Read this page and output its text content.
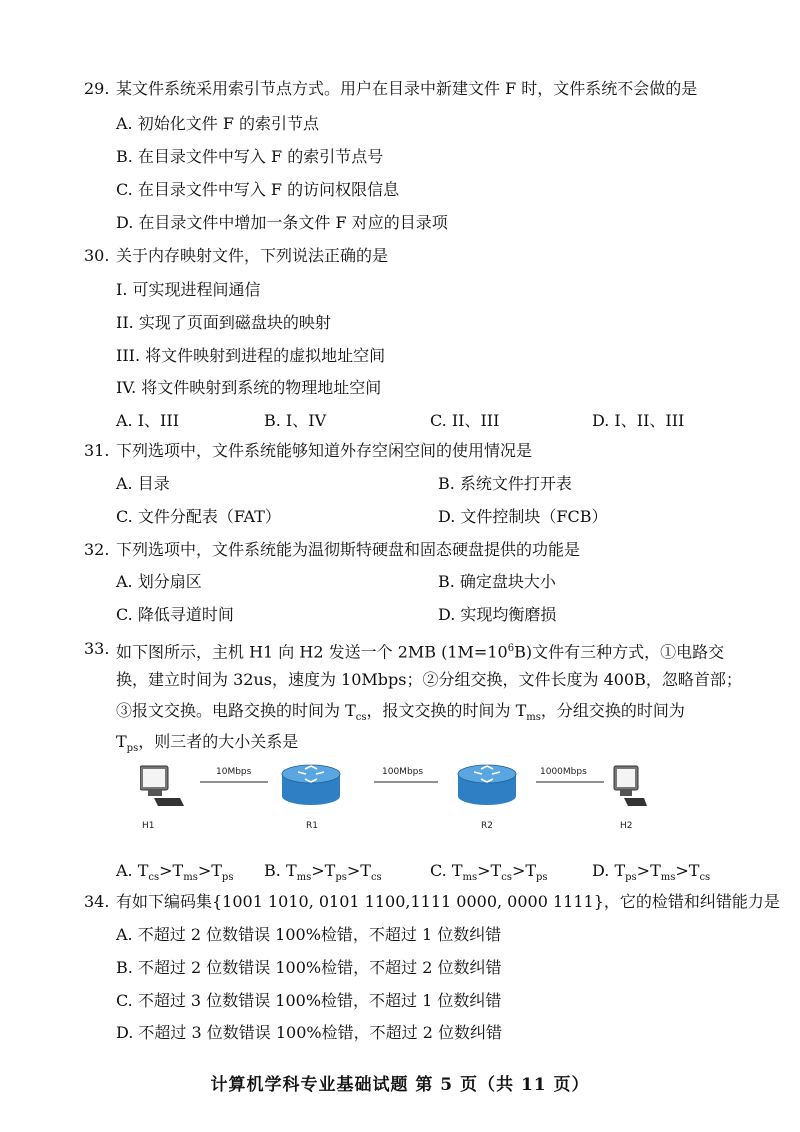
29. 某文件系统采用索引节点方式。用户在目录中新建文件 F 时，文件系统不会做的是
A. 初始化文件 F 的索引节点
B. 在目录文件中写入 F 的索引节点号
C. 在目录文件中写入 F 的访问权限信息
D. 在目录文件中增加一条文件 F 对应的目录项
30. 关于内存映射文件，下列说法正确的是
I. 可实现进程间通信
II. 实现了页面到磁盘块的映射
III. 将文件映射到进程的虚拟地址空间
IV. 将文件映射到系统的物理地址空间
A. I、III	B. I、IV	C. II、III	D. I、II、III
31. 下列选项中，文件系统能够知道外存空闲空间的使用情况是
A. 目录	B. 系统文件打开表
C. 文件分配表（FAT）	D. 文件控制块（FCB）
32. 下列选项中，文件系统能为温彻斯特硬盘和固态硬盘提供的功能是
A. 划分扇区	B. 确定盘块大小
C. 降低寻道时间	D. 实现均衡磨损
33. 如下图所示，主机 H1 向 H2 发送一个 2MB $(1M=10^6B)$文件有三种方式，①电路交
换，建立时间为 32us，速度为 10Mbps；②分组交换，文件长度为 400B，忽略首部；
③报文交换。电路交换的时间为 $T_{cs}$，报文交换的时间为 $T_{ms}$，分组交换的时间为
$T_{ps}$，则三者的大小关系是
10Mbps	100Mbps	1000Mbps
H1	R1	R2	H2
A. $T_{cs}>T_{ms}>T_{ps}$ B. $T_{ms}>T_{ps}>T_{cs}$	C. $T_{ms}>T_{cs}>T_{ps}$	D. $T_{ps}>T_{ms}>T_{cs}$
34. 有如下编码集{1001 1010, 0101 1100,1111 0000, 0000 1111}，它的检错和纠错能力是
A. 不超过 2 位数错误 100%检错，不超过 1 位数纠错
B. 不超过 2 位数错误 100%检错，不超过 2 位数纠错
C. 不超过 3 位数错误 100%检错，不超过 1 位数纠错
D. 不超过 3 位数错误 100%检错，不超过 2 位数纠错
计算机学科专业基础试题 第 5 页（共 11 页）
